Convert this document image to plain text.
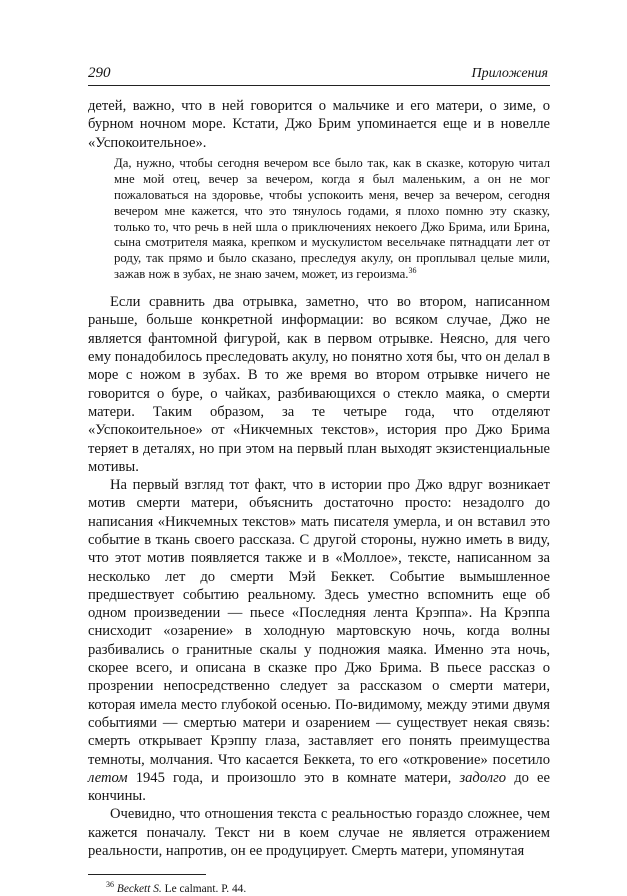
290	Приложения

детей, важно, что в ней говорится о мальчике и его матери, о зиме, о бурном ночном море. Кстати, Джо Брим упоминается еще и в новелле «Успокоительное».

Да, нужно, чтобы сегодня вечером все было так, как в сказке, которую читал мне мой отец, вечер за вечером, когда я был маленьким, а он не мог пожаловаться на здоровье, чтобы успокоить меня, вечер за вечером, сегодня вечером мне кажется, что это тянулось годами, я плохо помню эту сказку, только то, что речь в ней шла о приключениях некоего Джо Брима, или Брина, сына смотрителя маяка, крепком и мускулистом весельчаке пятнадцати лет от роду, так прямо и было сказано, преследуя акулу, он проплывал целые мили, зажав нож в зубах, не знаю зачем, может, из героизма.$^{36}$

Если сравнить два отрывка, заметно, что во втором, написанном раньше, больше конкретной информации: во всяком случае, Джо не является фантомной фигурой, как в первом отрывке. Неясно, для чего ему понадобилось преследовать акулу, но понятно хотя бы, что он делал в море с ножом в зубах. В то же время во втором отрывке ничего не говорится о буре, о чайках, разбивающихся о стекло маяка, о смерти матери. Таким образом, за те четыре года, что отделяют «Успокоительное» от «Никчемных текстов», история про Джо Брима теряет в деталях, но при этом на первый план выходят экзистенциальные мотивы.

На первый взгляд тот факт, что в истории про Джо вдруг возникает мотив смерти матери, объяснить достаточно просто: незадолго до написания «Никчемных текстов» мать писателя умерла, и он вставил это событие в ткань своего рассказа. С другой стороны, нужно иметь в виду, что этот мотив появляется также и в «Моллое», тексте, написанном за несколько лет до смерти Мэй Беккет. Событие вымышленное предшествует событию реальному. Здесь уместно вспомнить еще об одном произведении — пьесе «Последняя лента Крэппа». На Крэппа снисходит «озарение» в холодную мартовскую ночь, когда волны разбивались о гранитные скалы у подножия маяка. Именно эта ночь, скорее всего, и описана в сказке про Джо Брима. В пьесе рассказ о прозрении непосредственно следует за рассказом о смерти матери, которая имела место глубокой осенью. По-видимому, между этими двумя событиями — смертью матери и озарением — существует некая связь: смерть открывает Крэппу глаза, заставляет его понять преимущества темноты, молчания. Что касается Беккета, то его «откровение» посетило летом 1945 года, и произошло это в комнате матери, задолго до ее кончины.

Очевидно, что отношения текста с реальностью гораздо сложнее, чем кажется поначалу. Текст ни в коем случае не является отражением реальности, напротив, он ее продуцирует. Смерть матери, упомянутая

$^{36}$ Beckett S. Le calmant. P. 44.
